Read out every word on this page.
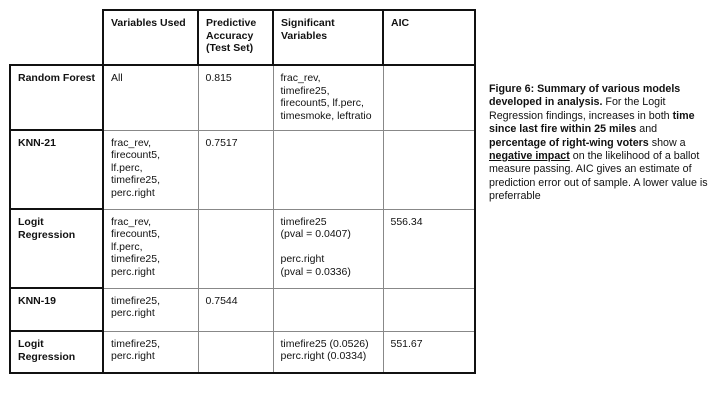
	Variables Used	Predictive Accuracy (Test Set)	Significant Variables	AIC
Random Forest	All	0.815	frac_rev,
timefire25,
firecount5, lf.perc,
timesmoke, leftratio	
KNN-21	frac_rev,
firecount5,
lf.perc,
timefire25,
perc.right	0.7517		
Logit Regression	frac_rev,
firecount5,
lf.perc,
timefire25,
perc.right		timefire25
(pval = 0.0407)

perc.right
(pval = 0.0336)	556.34
KNN-19	timefire25,
perc.right	0.7544		
Logit Regression	timefire25,
perc.right		timefire25 (0.0526)
perc.right (0.0334)	551.67
Figure 6: Summary of various models developed in analysis. For the Logit Regression findings, increases in both time since last fire within 25 miles and percentage of right-wing voters show a negative impact on the likelihood of a ballot measure passing. AIC gives an estimate of prediction error out of sample. A lower value is preferrable
